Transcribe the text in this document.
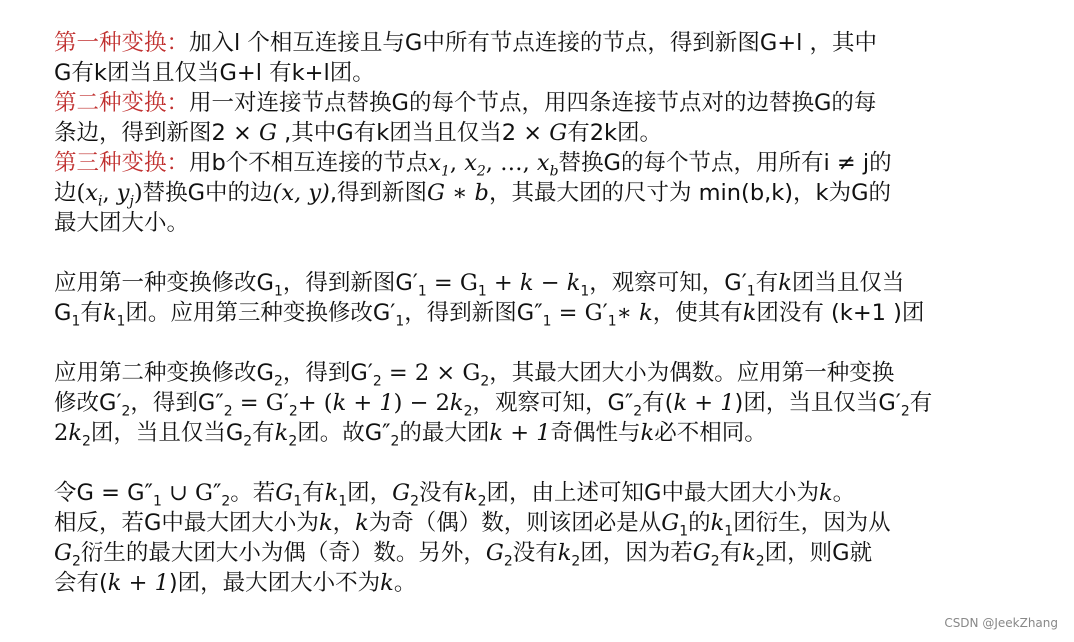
第一种变换：加入l 个相互连接且与G中所有节点连接的节点，得到新图G+l ，其中
G有k团当且仅当G+l 有k+l团。

第二种变换：用一对连接节点替换G的每个节点，用四条连接节点对的边替换G的每
条边，得到新图2 × G ,其中G有k团当且仅当2 × G有2k团。

第三种变换：用b个不相互连接的节点$x_1$, $x_2$, …, $x_b$替换G的每个节点，用所有i ≠ j的
边($x_i$, $y_j$)替换G中的边(x, y),得到新图G ∗ b，其最大团的尺寸为 min(b,k)，k为G的
最大团大小。

应用第一种变换修改$G_1$，得到新图$G'_1 = G_1 + k - k_1$，观察可知，$G'_1$有k团当且仅当
$G_1$有$k_1$团。应用第三种变换修改$G'_1$，得到新图$G''_1$ = $G'_1∗$ k，使其有k团没有 (k+1 )团

应用第二种变换修改$G_2$，得到$G'_2 = 2 \times G_2$，其最大团大小为偶数。应用第一种变换
修改$G'_2$，得到$G''_2 = G'_2+ (k + 1) - 2k_2$，观察可知，$G''_2$有(k + 1)团，当且仅当$G'_2$有
$2k_2$团，当且仅当$G_2$有$k_2$团。故$G''_2$的最大团k + 1奇偶性与k必不相同。

令$G = G''_1$ ∪ $G''_2$。若$G_1$有$k_1$团，$G_2$没有$k_2$团，由上述可知G中最大团大小为k。
相反，若G中最大团大小为k，k为奇（偶）数，则该团必是从$G_1$的$k_1$团衍生，因为从
$G_2$衍生的最大团大小为偶（奇）数。另外，$G_2$没有$k_2$团，因为若$G_2$有$k_2$团，则G就
会有(k + 1)团，最大团大小不为k。

CSDN @JeekZhang
